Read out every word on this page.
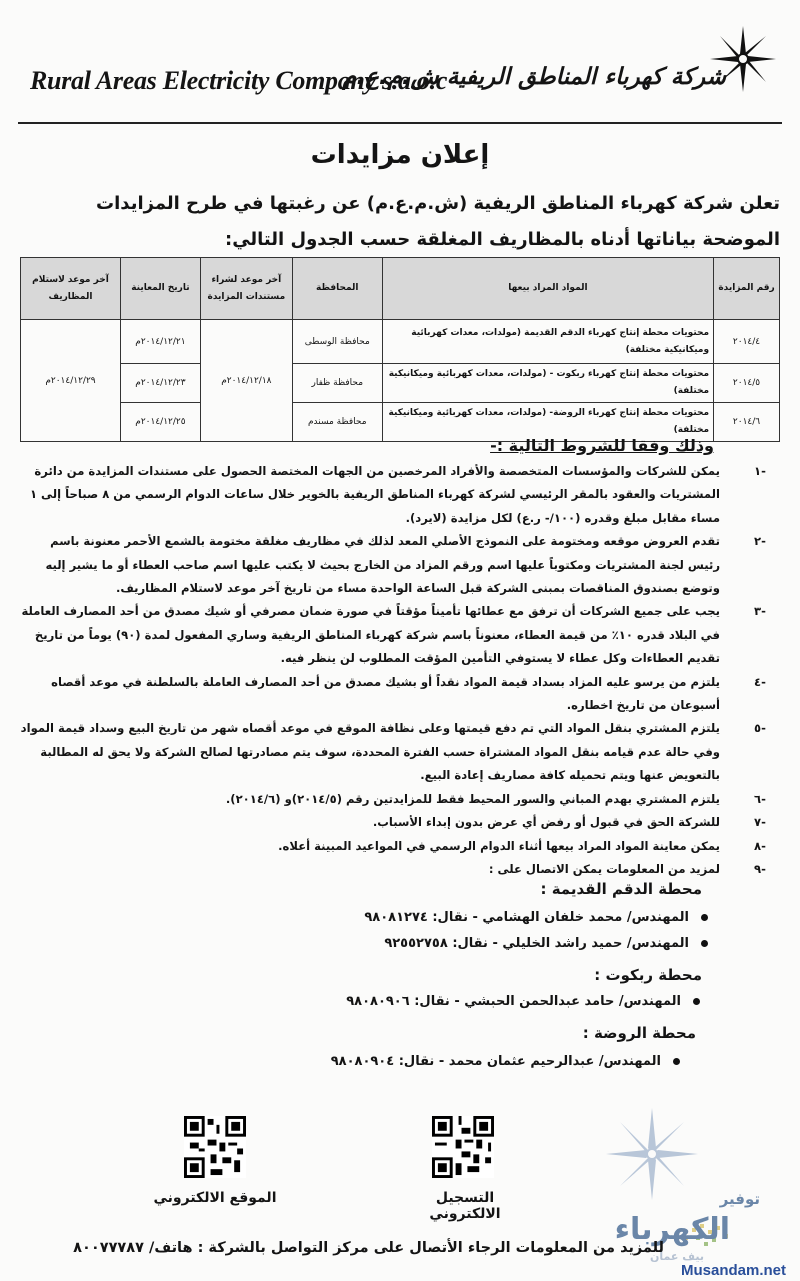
Rural Areas Electricity Company s.a.o.c
شركة كهرباء المناطق الريفية ش.م.ع.م
إعلان مزايدات
تعلن شركة كهرباء المناطق الريفية (ش.م.ع.م) عن رغبتها في طرح المزايدات الموضحة بياناتها أدناه بالمظاريف المغلقة حسب الجدول التالي:
رقم المزايدة	المواد المراد بيعها	المحافظة	آخر موعد لشراء مستندات المزايدة	تاريخ المعاينة	آخر موعد لاستلام المظاريف
٢٠١٤/٤	محتويات محطة إنتاج كهرباء الدقم القديمة (مولدات، معدات كهربائية وميكانيكية مختلفة)	محافظة الوسطى	٢٠١٤/١٢/١٨م	٢٠١٤/١٢/٢١م	٢٠١٤/١٢/٢٩م
٢٠١٤/٥	محتويات محطة إنتاج كهرباء ربكوت - (مولدات، معدات كهربائية وميكانيكية مختلفة)	محافظة ظفار		٢٠١٤/١٢/٢٣م	
٢٠١٤/٦	محتويات محطة إنتاج كهرباء الروضة- (مولدات، معدات كهربائية وميكانيكية مختلفة)	محافظة مسندم		٢٠١٤/١٢/٢٥م	
وذلك وفقا للشروط التالية :-
-١
يمكن للشركات والمؤسسات المتخصصة والأفراد المرخصين من الجهات المختصة الحصول على مستندات المزايدة من دائرة المشتريات والعقود بالمقر الرئيسي لشركة كهرباء المناطق الريفية بالخوير خلال ساعات الدوام الرسمي من ٨ صباحاً إلى ١ مساء مقابل مبلغ وقدره (١٠٠/- ر.ع) لكل مزايدة (لايرد).
-٢
تقدم العروض موقعه ومختومة على النموذج الأصلي المعد لذلك في مظاريف مغلقة مختومة بالشمع الأحمر معنونة باسم رئيس لجنة المشتريات ومكتوباً عليها اسم ورقم المزاد من الخارج بحيث لا يكتب عليها اسم صاحب العطاء أو ما يشير إليه وتوضع بصندوق المناقصات بمبنى الشركة قبل الساعة الواحدة مساء من تاريخ آخر موعد لاستلام المظاريف.
-٣
يجب على جميع الشركات أن ترفق مع عطائها تأميناً مؤقتاً في صورة ضمان مصرفي أو شيك مصدق من أحد المصارف العاملة في البلاد قدره ١٠٪ من قيمة العطاء، معنوناً باسم شركة كهرباء المناطق الريفية وساري المفعول لمدة (٩٠) يوماً من تاريخ تقديم العطاءات وكل عطاء لا يستوفي التأمين المؤقت المطلوب لن ينظر فيه.
-٤
يلتزم من يرسو عليه المزاد بسداد قيمة المواد نقداً أو بشيك مصدق من أحد المصارف العاملة بالسلطنة في موعد أقصاه أسبوعان من تاريخ اخطاره.
-٥
يلتزم المشتري بنقل المواد التي تم دفع قيمتها وعلى نظافة الموقع في موعد أقصاه شهر من تاريخ البيع وسداد قيمة المواد وفي حالة عدم قيامه بنقل المواد المشتراة حسب الفترة المحددة، سوف يتم مصادرتها لصالح الشركة ولا يحق له المطالبة بالتعويض عنها ويتم تحميله كافة مصاريف إعادة البيع.
-٦
يلتزم المشتري بهدم المباني والسور المحيط فقط للمزايدتين رقم (٢٠١٤/٥)و (٢٠١٤/٦).
-٧
للشركة الحق في قبول أو رفض أي عرض بدون إبداء الأسباب.
-٨
يمكن معاينة المواد المراد بيعها أثناء الدوام الرسمي في المواعيد المبينة أعلاه.
-٩
لمزيد من المعلومات يمكن الاتصال على :
محطة الدقم القديمة :
المهندس/ محمد خلفان الهشامي - نقال: ٩٨٠٨١٢٧٤
المهندس/ حميد راشد الخليلي - نقال: ٩٢٥٥٢٧٥٨
محطة ربكوت :
المهندس/ حامد عبدالحمن الحبشي - نقال: ٩٨٠٨٠٩٠٦
محطة الروضة :
المهندس/ عبدالرحيم عثمان محمد - نقال: ٩٨٠٨٠٩٠٤
الموقع الالكتروني	التسجيل الالكتروني
توفير
الكهرباء
بيف عمان
للمزيد من المعلومات الرجاء الأتصال على مركز التواصل بالشركة : هاتف/ ٨٠٠٧٧٧٨٧
Musandam.net
